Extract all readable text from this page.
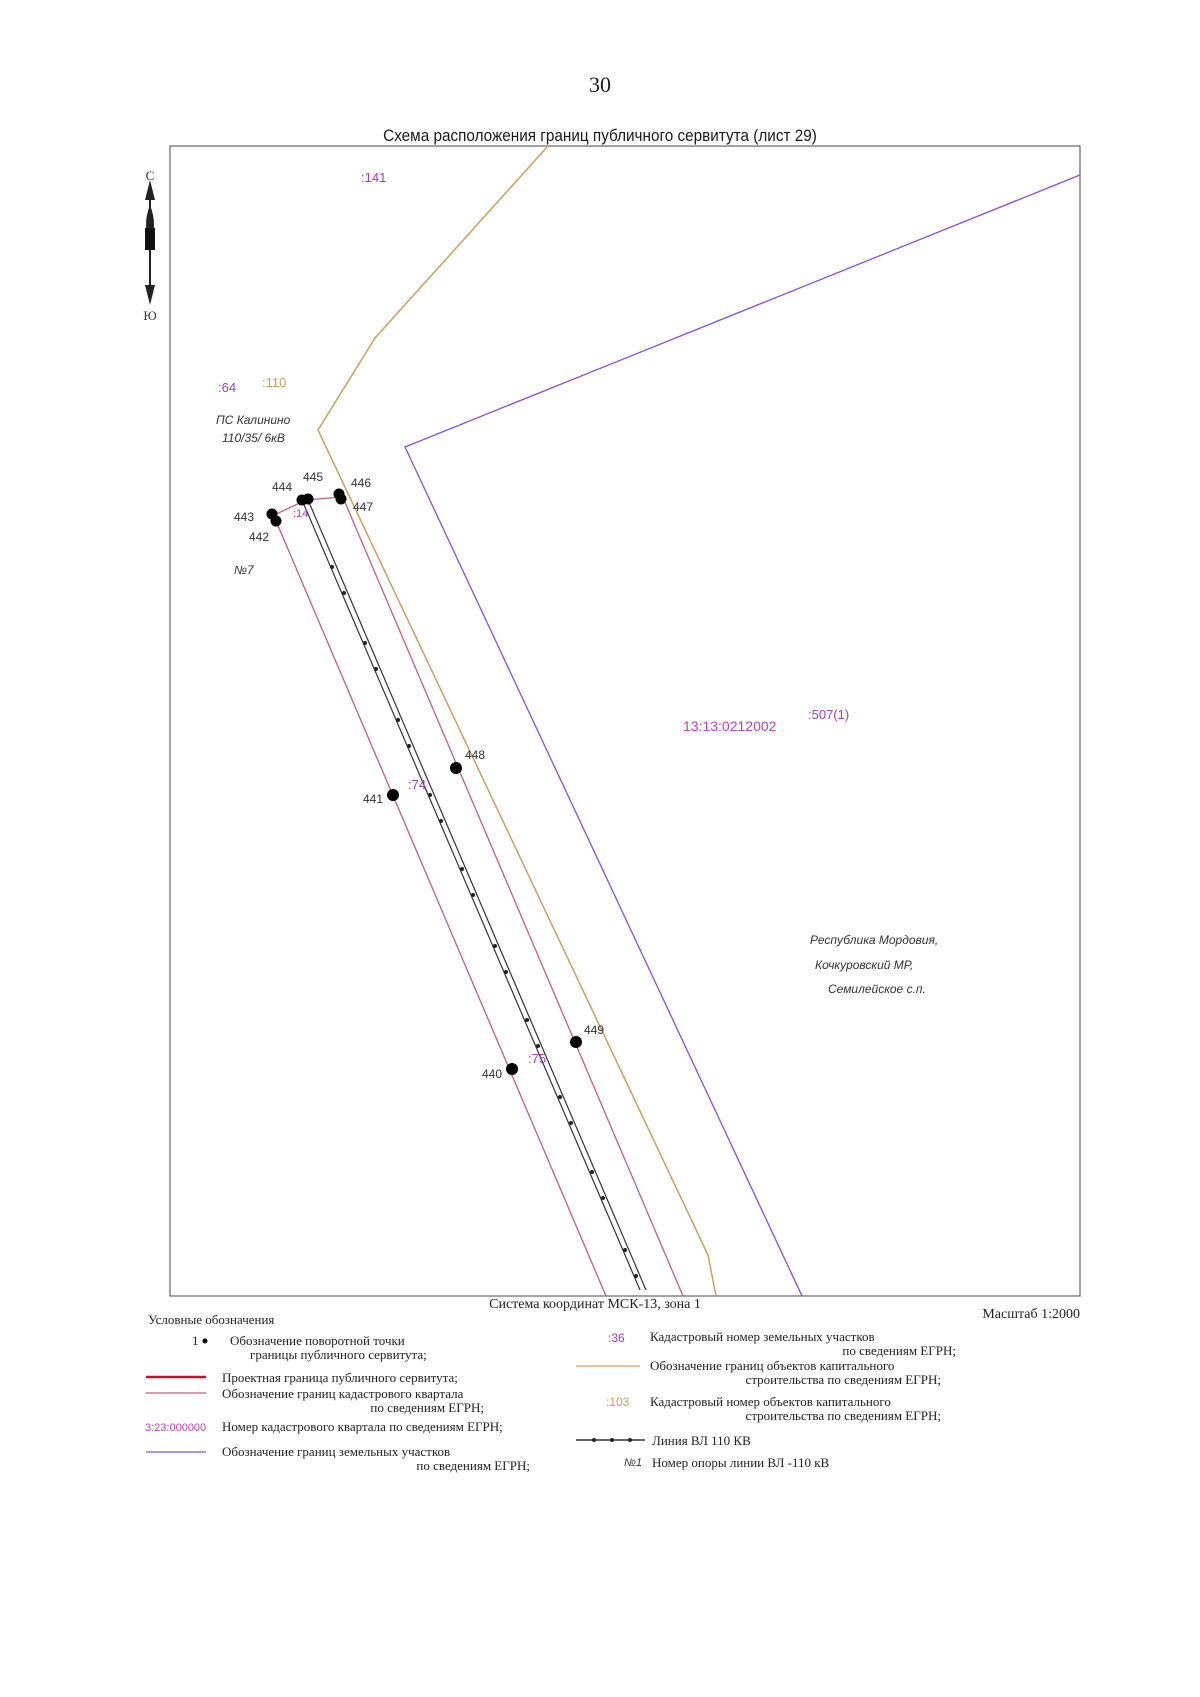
30
Схема расположения границ публичного сервитута (лист 29)
С
Ю
443
442
444
445 446
447
448
441
449
440
:141
:64 :110
:14
:74
:75
:507(1)
13:13:0212002
ПС Калинино
110/35/ 6кВ
№7
Республика Мордовия,
Кочкуровский МР,
Семилейское с.п.
Система координат МСК-13, зона 1
Масштаб 1:2000
1
3:23:000000
:36
:103
№1
Условные обозначения
Обозначение поворотной точки
границы публичного сервитута;
Проектная граница публичного сервитута;
Обозначение границ кадастрового квартала
по сведениям ЕГРН;
Номер кадастрового квартала по сведениям ЕГРН;
Обозначение границ земельных участков
по сведениям ЕГРН;
Кадастровый номер земельных участков
по сведениям ЕГРН;
Обозначение границ объектов капитального
строительства по сведениям ЕГРН;
Кадастровый номер объектов капитального
строительства по сведениям ЕГРН;
Линия ВЛ 110 КВ
Номер опоры линии ВЛ -110 кВ
